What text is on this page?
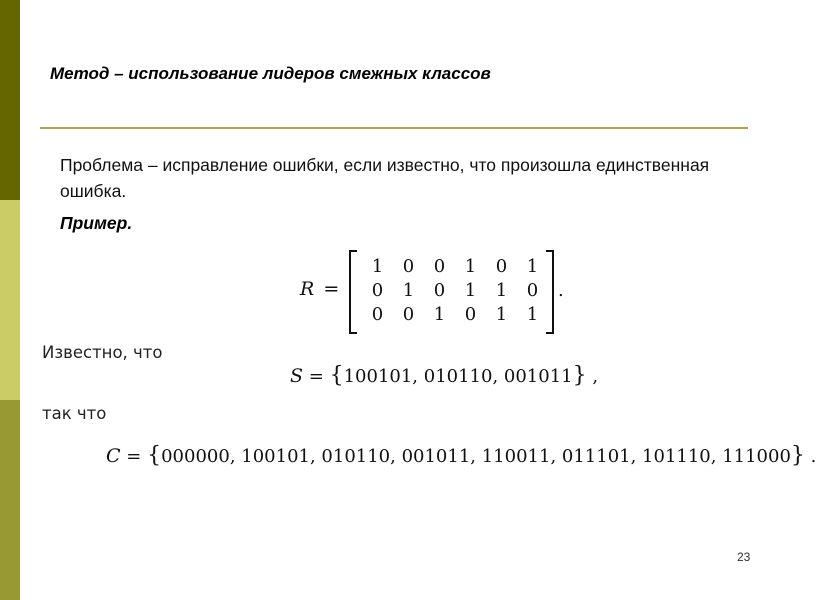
Метод – использование лидеров смежных классов
Проблема – исправление ошибки, если известно, что произошла единственная ошибка.
Пример.
R =
1 0 0 1 0 1
0 1 0 1 1 0
0 0 1 0 1 1
.
Известно, что
S = {100101, 010110, 001011} ,
так что
C = {000000, 100101, 010110, 001011, 110011, 011101, 101110, 111000} .
23
